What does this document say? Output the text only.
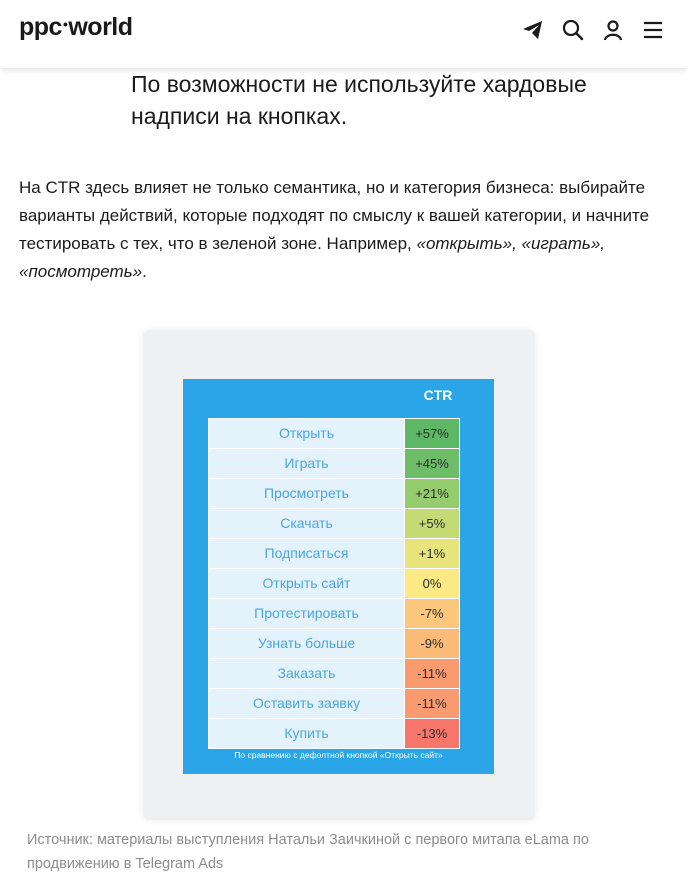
ppc•world
По возможности не используйте хардовые надписи на кнопках.
На CTR здесь влияет не только семантика, но и категория бизнеса: выбирайте варианты действий, которые подходят по смыслу к вашей категории, и начните тестировать с тех, что в зеленой зоне. Например, «открыть», «играть», «посмотреть».
CTR
Открыть	+57%
Играть	+45%
Просмотреть	+21%
Скачать	+5%
Подписаться	+1%
Открыть сайт	0%
Протестировать	-7%
Узнать больше	-9%
Заказать	-11%
Оставить заявку	-11%
Купить	-13%
По сравнению с дефолтной кнопкой «Открыть сайт»
Источник: материалы выступления Натальи Заичкиной с первого митапа eLama по продвижению в Telegram Ads
